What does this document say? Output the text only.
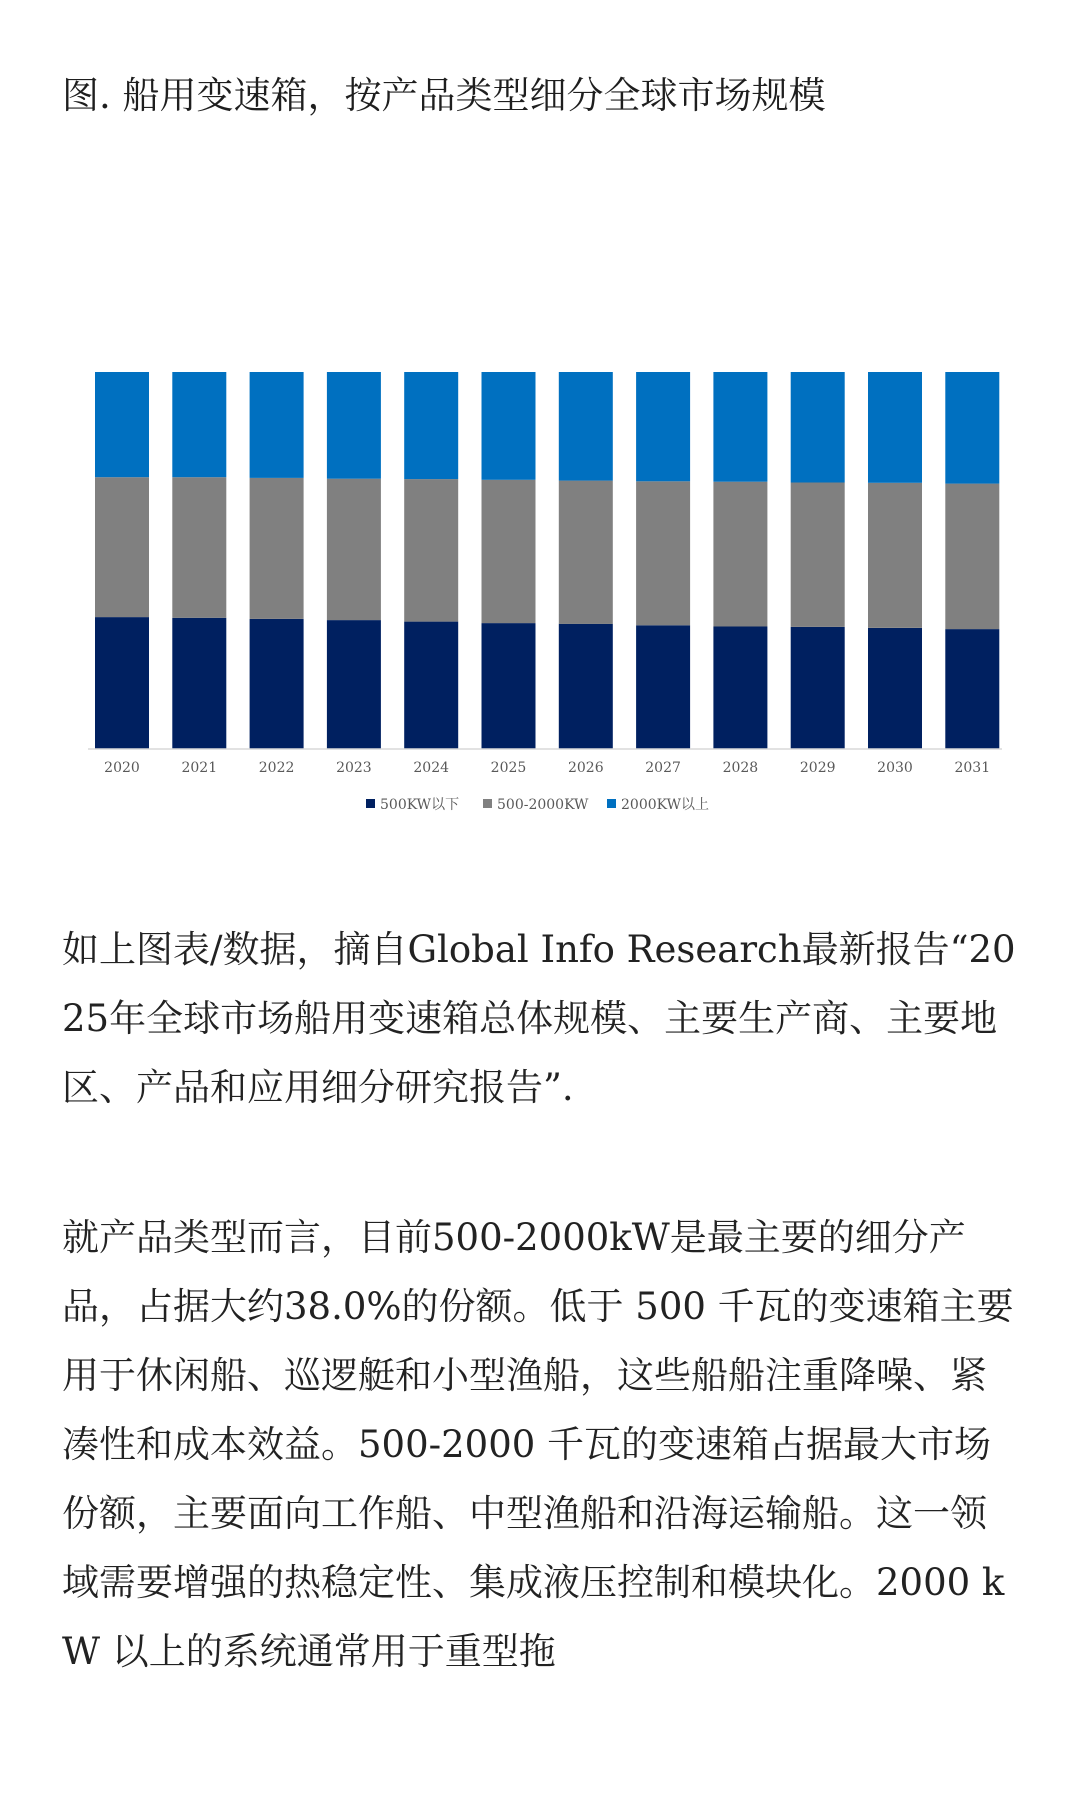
图. 船用变速箱，按产品类型细分全球市场规模
2020	2021	2022	2023	2024	2025	2026	2027	2028	2029	2030	2031
500KW以下	500-2000KW 2000KW以上

如上图表/数据，摘自Global Info Research最新报告“2025年全球市场船用变速箱总体规模、主要生产商、主要地区、产品和应用细分研究报告”.

就产品类型而言，目前500-2000kW是最主要的细分产品，占据大约38.0%的份额。低于 500 千瓦的变速箱主要用于休闲船、巡逻艇和小型渔船，这些船船注重降噪、紧凑性和成本效益。500-2000 千瓦的变速箱占据最大市场份额，主要面向工作船、中型渔船和沿海运输船。这一领域需要增强的热稳定性、集成液压控制和模块化。2000 kW 以上的系统通常用于重型拖
